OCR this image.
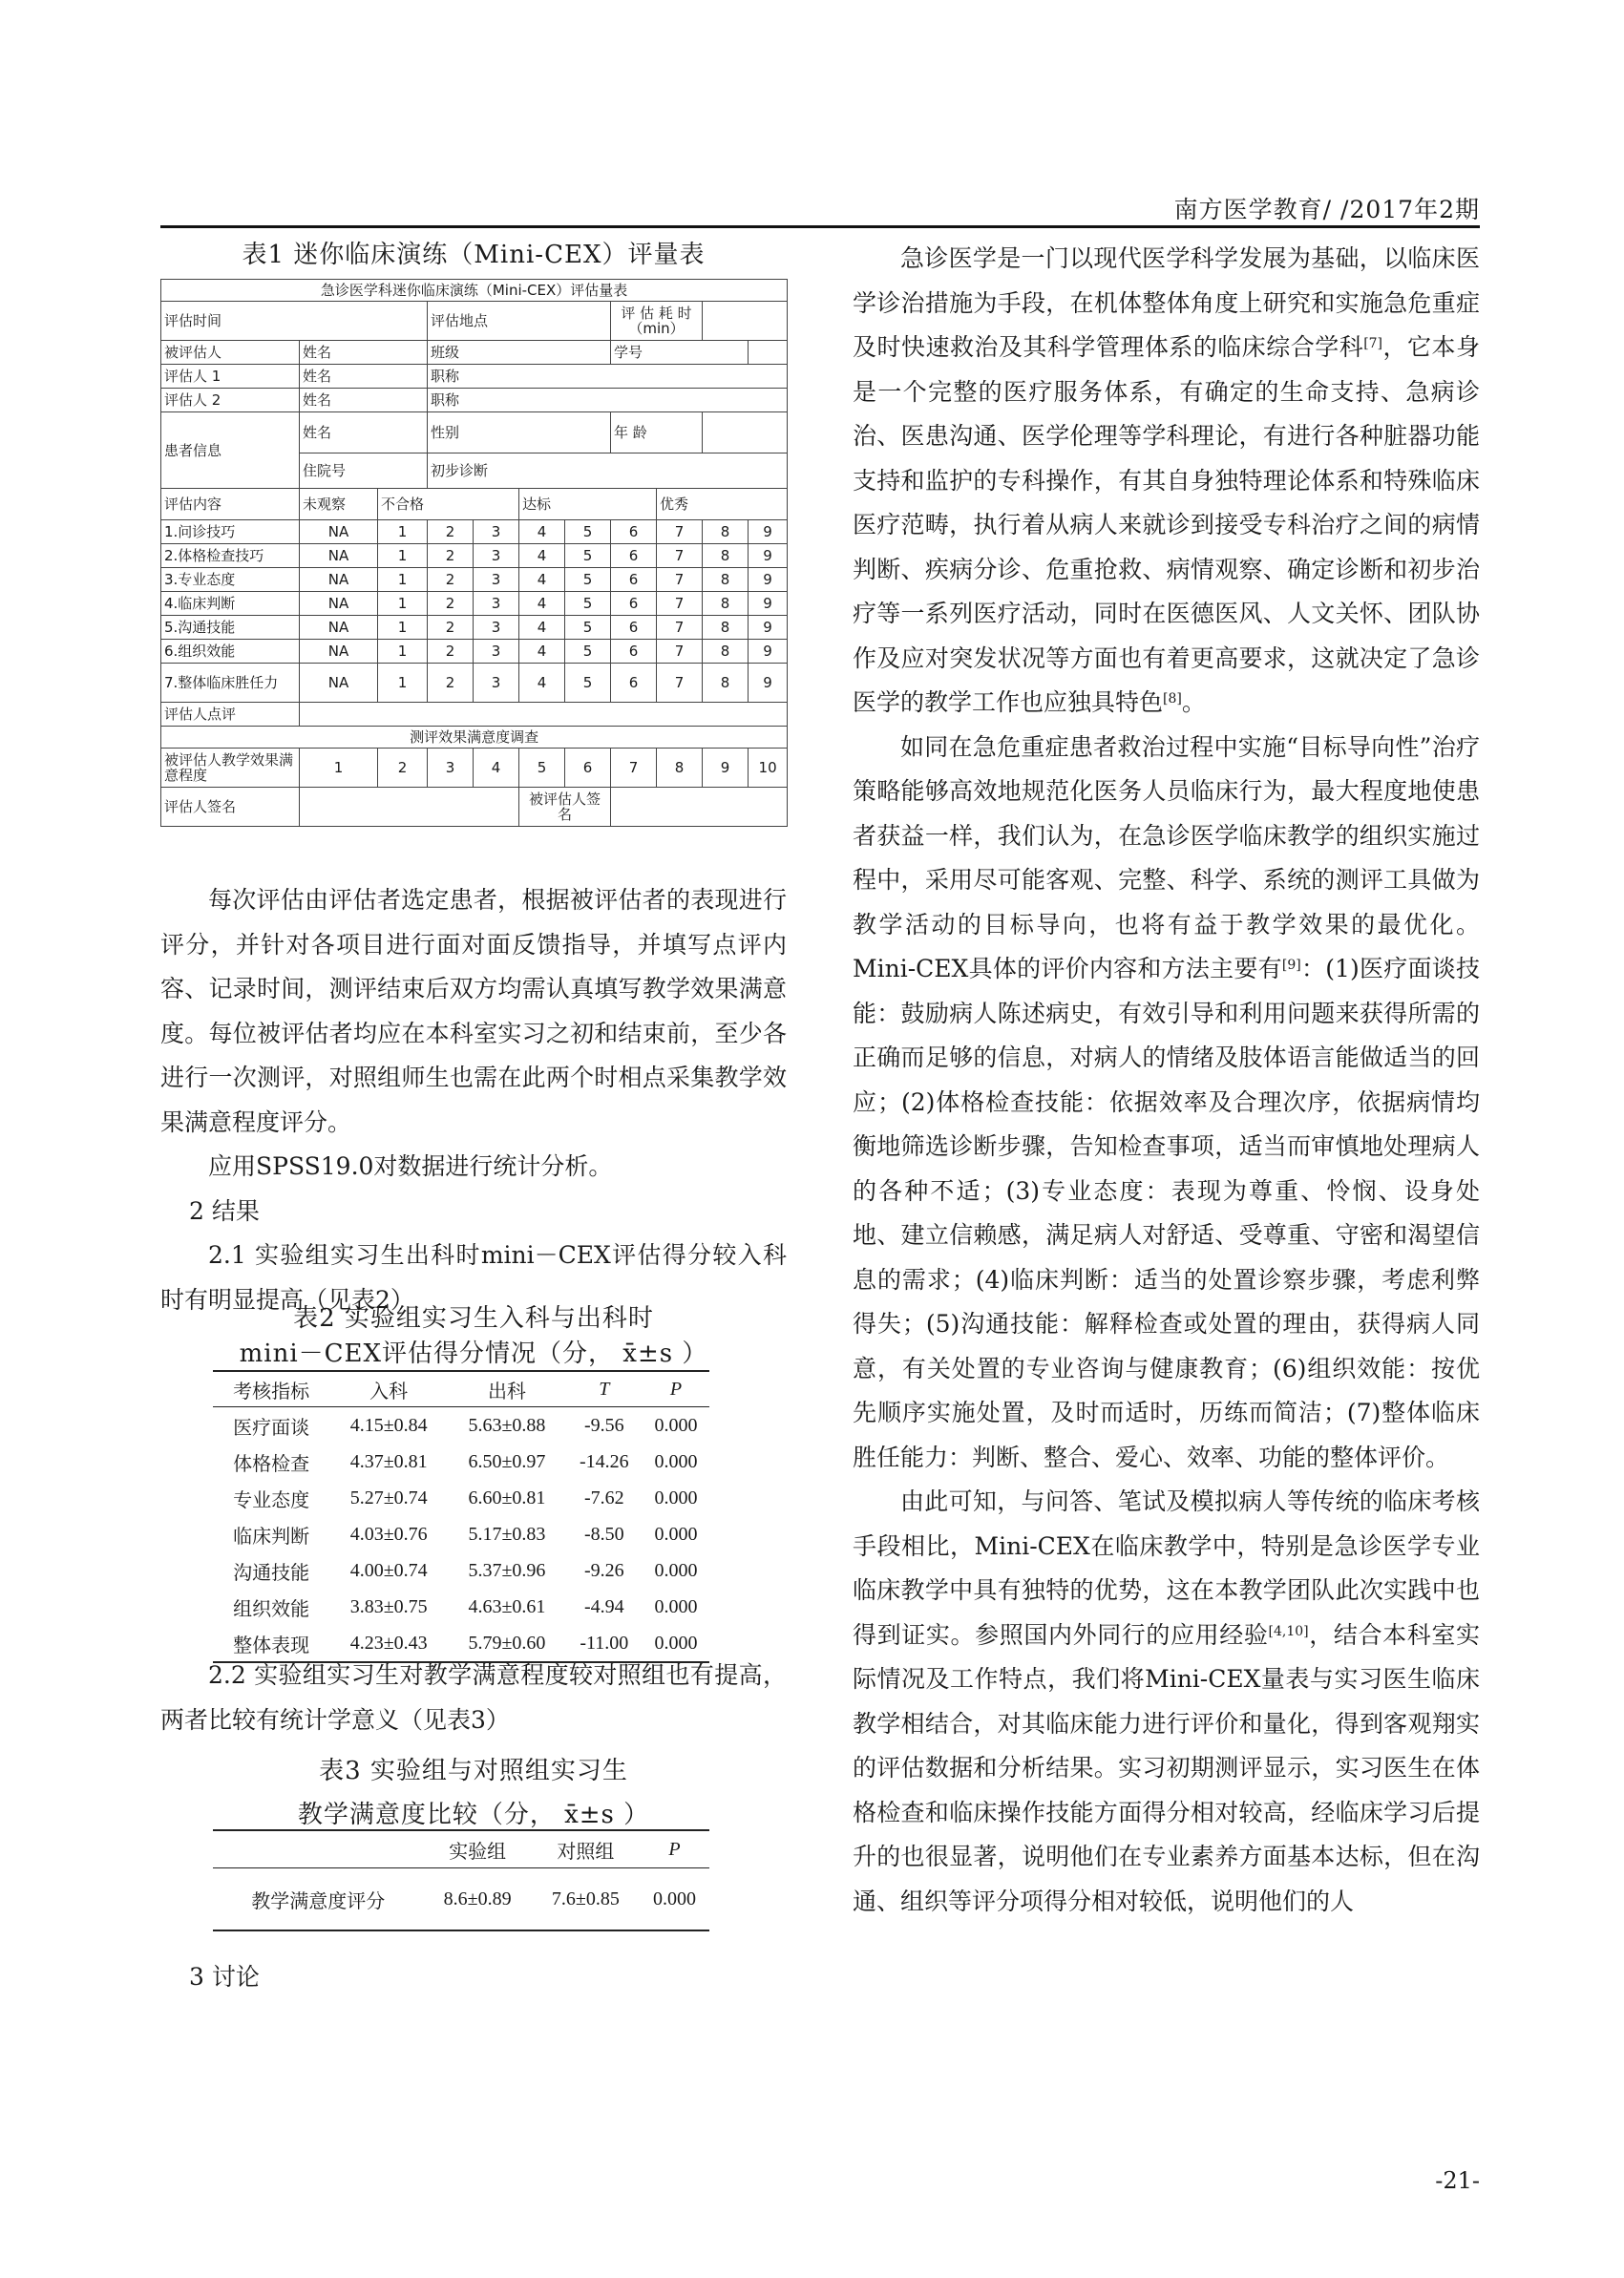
南方医学教育/ /2017年2期
表1 迷你临床演练（Mini-CEX）评量表
急诊医学科迷你临床演练（Mini-CEX）评估量表										
评估时间			评估地点				评 估 耗 时 （min）			
被评估人	姓名		班级				学号			
评估人 1	姓名		职称							
评估人 2	姓名		职称							
患者信息	姓名		性别				年 龄			
	住院号		初步诊断							
评估内容	未观察	不合格			达标			优秀		
1.问诊技巧	NA	1	2	3	4	5	6	7	8	9
2.体格检查技巧	NA	1	2	3	4	5	6	7	8	9
3.专业态度	NA	1	2	3	4	5	6	7	8	9
4.临床判断	NA	1	2	3	4	5	6	7	8	9
5.沟通技能	NA	1	2	3	4	5	6	7	8	9
6.组织效能	NA	1	2	3	4	5	6	7	8	9
7.整体临床胜任力	NA	1	2	3	4	5	6	7	8	9
评估人点评										
测评效果满意度调查										
被评估人教学效果满意程度	1	2	3	4	5	6	7	8	9	10
评估人签名					被评估人签名					

每次评估由评估者选定患者，根据被评估者的表现进行评分，并针对各项目进行面对面反馈指导，并填写点评内容、记录时间，测评结束后双方均需认真填写教学效果满意度。每位被评估者均应在本科室实习之初和结束前，至少各进行一次测评，对照组师生也需在此两个时相点采集教学效果满意程度评分。

应用SPSS19.0对数据进行统计分析。

2 结果

2.1 实验组实习生出科时mini－CEX评估得分较入科时有明显提高（见表2）

表2 实验组实习生入科与出科时
mini－CEX评估得分情况（分， x̄±s ）
考核指标	入科	出科	T	P
医疗面谈	4.15±0.84	5.63±0.88	-9.56	0.000
体格检查	4.37±0.81	6.50±0.97	-14.26	0.000
专业态度	5.27±0.74	6.60±0.81	-7.62	0.000
临床判断	4.03±0.76	5.17±0.83	-8.50	0.000
沟通技能	4.00±0.74	5.37±0.96	-9.26	0.000
组织效能	3.83±0.75	4.63±0.61	-4.94	0.000
整体表现	4.23±0.43	5.79±0.60	-11.00	0.000

2.2 实验组实习生对教学满意程度较对照组也有提高，两者比较有统计学意义（见表3）

表3 实验组与对照组实习生
教学满意度比较（分， x̄±s ）
	实验组	对照组	P
教学满意度评分	8.6±0.89	7.6±0.85	0.000
3 讨论

急诊医学是一门以现代医学科学发展为基础，以临床医学诊治措施为手段，在机体整体角度上研究和实施急危重症及时快速救治及其科学管理体系的临床综合学科[7]，它本身是一个完整的医疗服务体系，有确定的生命支持、急病诊治、医患沟通、医学伦理等学科理论，有进行各种脏器功能支持和监护的专科操作，有其自身独特理论体系和特殊临床医疗范畴，执行着从病人来就诊到接受专科治疗之间的病情判断、疾病分诊、危重抢救、病情观察、确定诊断和初步治疗等一系列医疗活动，同时在医德医风、人文关怀、团队协作及应对突发状况等方面也有着更高要求，这就决定了急诊医学的教学工作也应独具特色[8]。

如同在急危重症患者救治过程中实施“目标导向性”治疗策略能够高效地规范化医务人员临床行为，最大程度地使患者获益一样，我们认为，在急诊医学临床教学的组织实施过程中，采用尽可能客观、完整、科学、系统的测评工具做为教学活动的目标导向，也将有益于教学效果的最优化。Mini-CEX具体的评价内容和方法主要有[9]：(1)医疗面谈技能：鼓励病人陈述病史，有效引导和利用问题来获得所需的正确而足够的信息，对病人的情绪及肢体语言能做适当的回应；(2)体格检查技能：依据效率及合理次序，依据病情均衡地筛选诊断步骤，告知检查事项，适当而审慎地处理病人的各种不适；(3)专业态度：表现为尊重、怜悯、设身处地、建立信赖感，满足病人对舒适、受尊重、守密和渴望信息的需求；(4)临床判断：适当的处置诊察步骤，考虑利弊得失；(5)沟通技能：解释检查或处置的理由，获得病人同意，有关处置的专业咨询与健康教育；(6)组织效能：按优先顺序实施处置，及时而适时，历练而简洁；(7)整体临床胜任能力：判断、整合、爱心、效率、功能的整体评价。

由此可知，与问答、笔试及模拟病人等传统的临床考核手段相比，Mini-CEX在临床教学中，特别是急诊医学专业临床教学中具有独特的优势，这在本教学团队此次实践中也得到证实。参照国内外同行的应用经验[4,10]，结合本科室实际情况及工作特点，我们将Mini-CEX量表与实习医生临床教学相结合，对其临床能力进行评价和量化，得到客观翔实的评估数据和分析结果。实习初期测评显示，实习医生在体格检查和临床操作技能方面得分相对较高，经临床学习后提升的也很显著，说明他们在专业素养方面基本达标，但在沟通、组织等评分项得分相对较低，说明他们的人

-21-
